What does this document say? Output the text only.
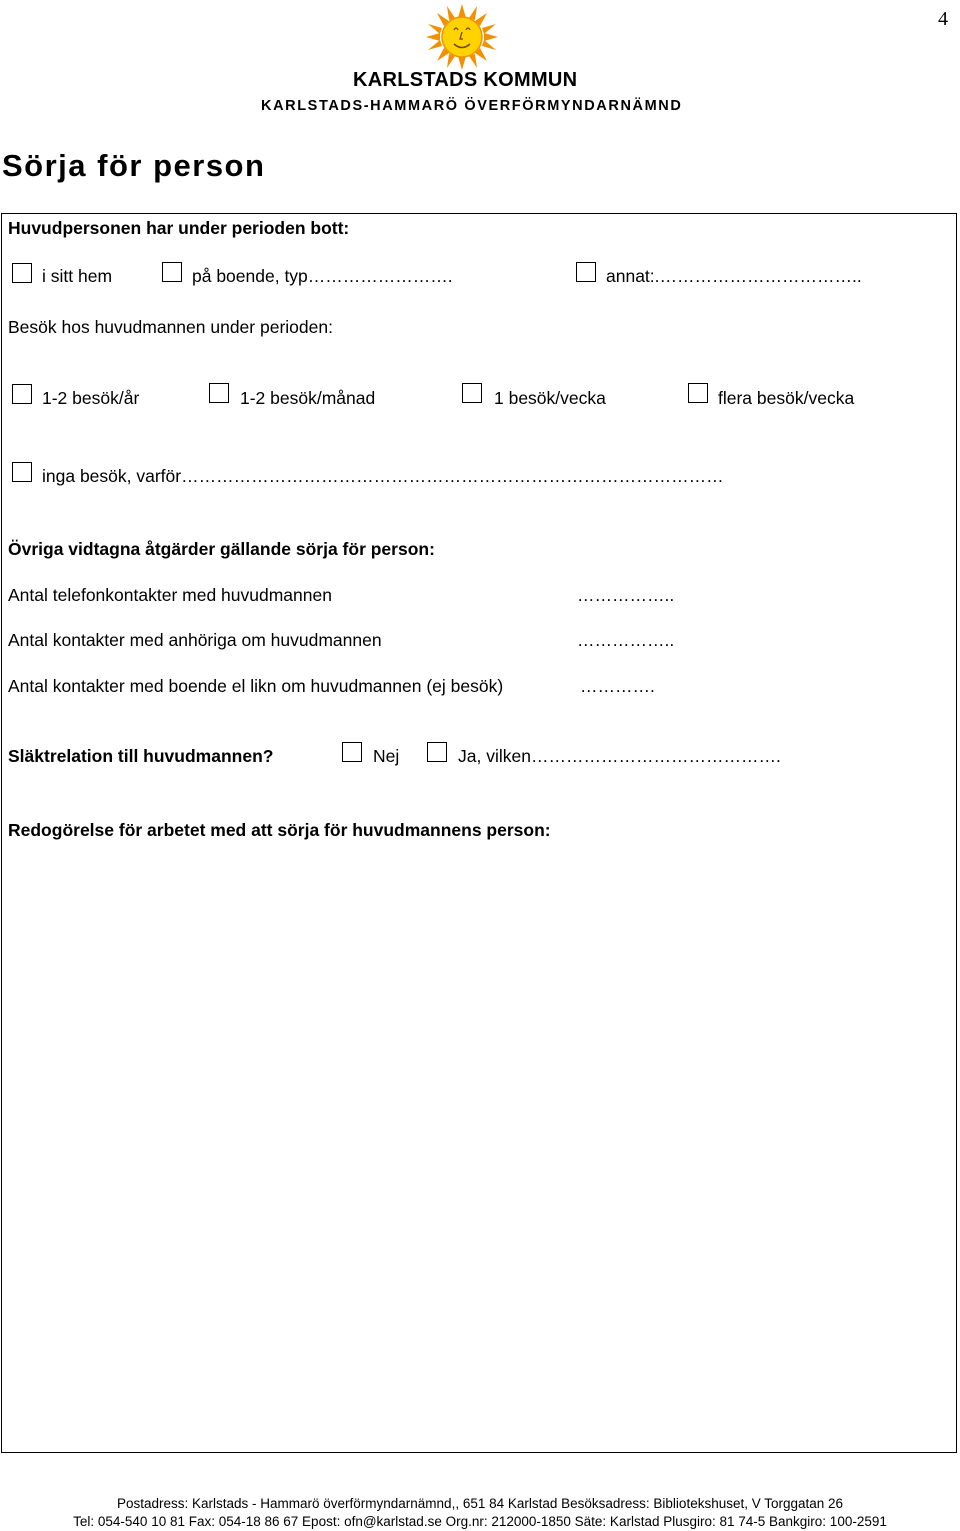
4
KARLSTADS KOMMUN
KARLSTADS-HAMMARÖ ÖVERFÖRMYNDARNÄMND
Sörja för person
Huvudpersonen har under perioden bott:
i sitt hem	på boende, typ…………………….	annat:.……………………………..
Besök hos huvudmannen under perioden:
1-2 besök/år	1-2 besök/månad	1 besök/vecka	flera besök/vecka
inga besök, varför…………………………………………………………………………………
Övriga vidtagna åtgärder gällande sörja för person:
Antal telefonkontakter med huvudmannen	……………..
Antal kontakter med anhöriga om huvudmannen	……………..
Antal kontakter med boende el likn om huvudmannen (ej besök)	………….
Släktrelation till huvudmannen?	Nej	Ja, vilken…………………………………….
Redogörelse för arbetet med att sörja för huvudmannens person:
Postadress: Karlstads - Hammarö överförmyndarnämnd,, 651 84 Karlstad Besöksadress: Bibliotekshuset, V Torggatan 26
Tel: 054-540 10 81 Fax: 054-18 86 67 Epost: ofn@karlstad.se Org.nr: 212000-1850 Säte: Karlstad Plusgiro: 81 74-5 Bankgiro: 100-2591
